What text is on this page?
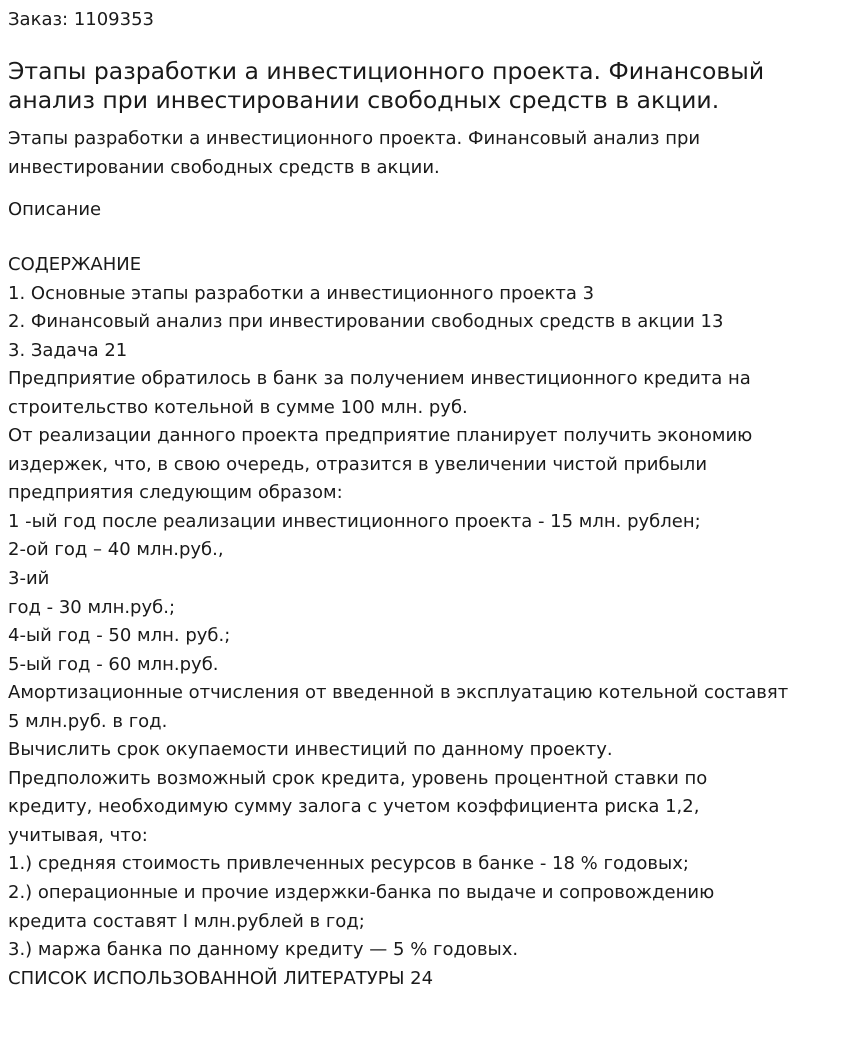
Заказ: 1109353

Этапы разработки а инвестиционного проекта. Финансовый анализ при инвестировании свободных средств в акции.

Этапы разработки а инвестиционного проекта. Финансовый анализ при инвестировании свободных средств в акции.

Описание

СОДЕРЖАНИЕ
1. Основные этапы разработки а инвестиционного проекта 3
2. Финансовый анализ при инвестировании свободных средств в акции 13
3. Задача 21
Предприятие обратилось в банк за получением инвестиционного кредита на
строительство котельной в сумме 100 млн. руб.
От реализации данного проекта предприятие планирует получить экономию
издержек, что, в свою очередь, отразится в увеличении чистой прибыли
предприятия следующим образом:
1 -ый год после реализации инвестиционного проекта - 15 млн. рублен;
2-ой год – 40 млн.руб.,
3-ий
год - 30 млн.руб.;
4-ый год - 50 млн. руб.;
5-ый год - 60 млн.руб.
Амортизационные отчисления от введенной в эксплуатацию котельной составят
5 млн.руб. в год.
Вычислить срок окупаемости инвестиций по данному проекту.
Предположить возможный срок кредита, уровень процентной ставки по
кредиту, необходимую сумму залога с учетом коэффициента риска 1,2,
учитывая, что:
1.) средняя стоимость привлеченных ресурсов в банке - 18 % годовых;
2.) операционные и прочие издержки-банка по выдаче и сопровождению
кредита составят I млн.рублей в год;
3.) маржа банка по данному кредиту — 5 % годовых.
СПИСОК ИСПОЛЬЗОВАННОЙ ЛИТЕРАТУРЫ 24
